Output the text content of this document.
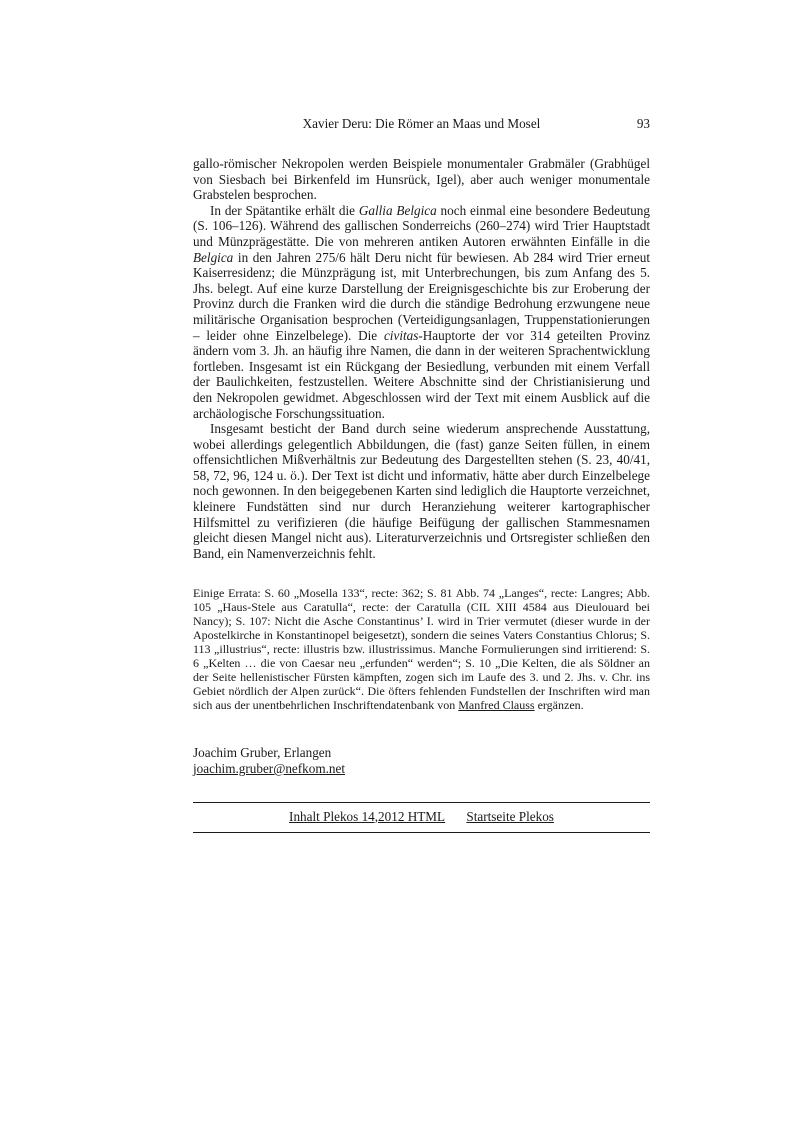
Xavier Deru: Die Römer an Maas und Mosel	93

gallo-römischer Nekropolen werden Beispiele monumentaler Grabmäler (Grabhügel von Siesbach bei Birkenfeld im Hunsrück, Igel), aber auch weniger monumentale Grabstelen besprochen.

In der Spätantike erhält die Gallia Belgica noch einmal eine besondere Bedeutung (S. 106–126). Während des gallischen Sonderreichs (260–274) wird Trier Hauptstadt und Münzprägestätte. Die von mehreren antiken Autoren erwähnten Einfälle in die Belgica in den Jahren 275/6 hält Deru nicht für bewiesen. Ab 284 wird Trier erneut Kaiserresidenz; die Münzprägung ist, mit Unterbrechungen, bis zum Anfang des 5. Jhs. belegt. Auf eine kurze Darstellung der Ereignisgeschichte bis zur Eroberung der Provinz durch die Franken wird die durch die ständige Bedrohung erzwungene neue militärische Organisation besprochen (Verteidigungsanlagen, Truppenstationierungen – leider ohne Einzelbelege). Die civitas-Hauptorte der vor 314 geteilten Provinz ändern vom 3. Jh. an häufig ihre Namen, die dann in der weiteren Sprachentwicklung fortleben. Insgesamt ist ein Rückgang der Besiedlung, verbunden mit einem Verfall der Baulichkeiten, festzustellen. Weitere Abschnitte sind der Christianisierung und den Nekropolen gewidmet. Abgeschlossen wird der Text mit einem Ausblick auf die archäologische Forschungssituation.

Insgesamt besticht der Band durch seine wiederum ansprechende Ausstattung, wobei allerdings gelegentlich Abbildungen, die (fast) ganze Seiten füllen, in einem offensichtlichen Mißverhältnis zur Bedeutung des Dargestellten stehen (S. 23, 40/41, 58, 72, 96, 124 u. ö.). Der Text ist dicht und informativ, hätte aber durch Einzelbelege noch gewonnen. In den beigegebenen Karten sind lediglich die Hauptorte verzeichnet, kleinere Fundstätten sind nur durch Heranziehung weiterer kartographischer Hilfsmittel zu verifizieren (die häufige Beifügung der gallischen Stammesnamen gleicht diesen Mangel nicht aus). Literaturverzeichnis und Ortsregister schließen den Band, ein Namenverzeichnis fehlt.

Einige Errata: S. 60 „Mosella 133“, recte: 362; S. 81 Abb. 74 „Langes“, recte: Langres; Abb. 105 „Haus-Stele aus Caratulla“, recte: der Caratulla (CIL XIII 4584 aus Dieulouard bei Nancy); S. 107: Nicht die Asche Constantinus’ I. wird in Trier vermutet (dieser wurde in der Apostelkirche in Konstantinopel beigesetzt), sondern die seines Vaters Constantius Chlorus; S. 113 „illustrius“, recte: illustris bzw. illustrissimus. Manche Formulierungen sind irritierend: S. 6 „Kelten … die von Caesar neu „erfunden“ werden“; S. 10 „Die Kelten, die als Söldner an der Seite hellenistischer Fürsten kämpften, zogen sich im Laufe des 3. und 2. Jhs. v. Chr. ins Gebiet nördlich der Alpen zurück“. Die öfters fehlenden Fundstellen der Inschriften wird man sich aus der unentbehrlichen Inschriftendatenbank von Manfred Clauss ergänzen.

Joachim Gruber, Erlangen
joachim.gruber@nefkom.net
Inhalt Plekos 14,2012 HTML Startseite Plekos
